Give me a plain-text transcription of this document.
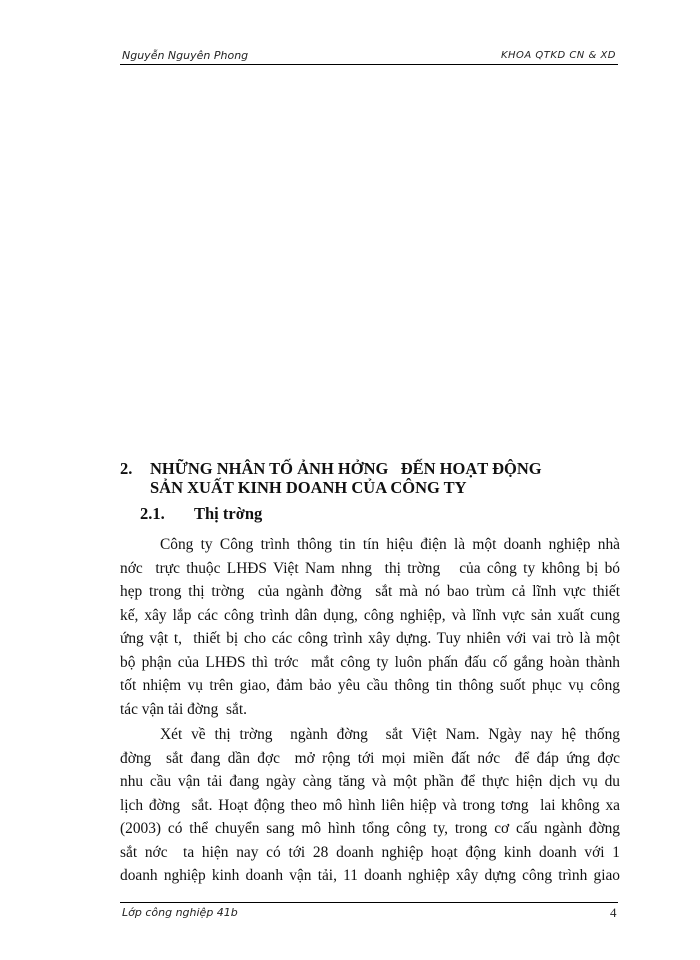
Nguyễn Nguyên Phong	KHOA QTKD CN & XD
2. NHỮNG NHÂN TỐ ẢNH HỞNG   ĐẾN HOẠT ĐỘNG
SẢN XUẤT KINH DOANH CỦA CÔNG TY
2.1. Thị trờng
Công ty Công trình thông tin tín hiệu điện là một doanh nghiệp nhà
nớc  trực thuộc LHĐS Việt Nam nhng  thị trờng   của công ty không bị bó
hẹp trong thị trờng  của ngành đờng  sắt mà nó bao trùm cả lĩnh vực thiết
kế, xây lắp các công trình dân dụng, công nghiệp, và lĩnh vực sản xuất cung
ứng vật t,  thiết bị cho các công trình xây dựng. Tuy nhiên với vai trò là một
bộ phận của LHĐS thì trớc  mắt công ty luôn phấn đấu cố gắng hoàn thành
tốt nhiệm vụ trên giao, đảm bảo yêu cầu thông tin thông suốt phục vụ công
tác vận tải đờng  sắt.
Xét về thị trờng  ngành đờng  sắt Việt Nam. Ngày nay hệ thống
đờng  sắt đang dần đợc  mở rộng tới mọi miền đất nớc  để đáp ứng đợc
nhu cầu vận tải đang ngày càng tăng và một phần để thực hiện dịch vụ du
lịch đờng  sắt. Hoạt động theo mô hình liên hiệp và trong tơng  lai không xa
(2003) có thể chuyển sang mô hình tổng công ty, trong cơ cấu ngành đờng
sắt nớc  ta hiện nay có tới 28 doanh nghiệp hoạt động kinh doanh với 1
doanh nghiệp kinh doanh vận tải, 11 doanh nghiệp xây dựng công trình giao
Lớp công nghiệp 41b	4
